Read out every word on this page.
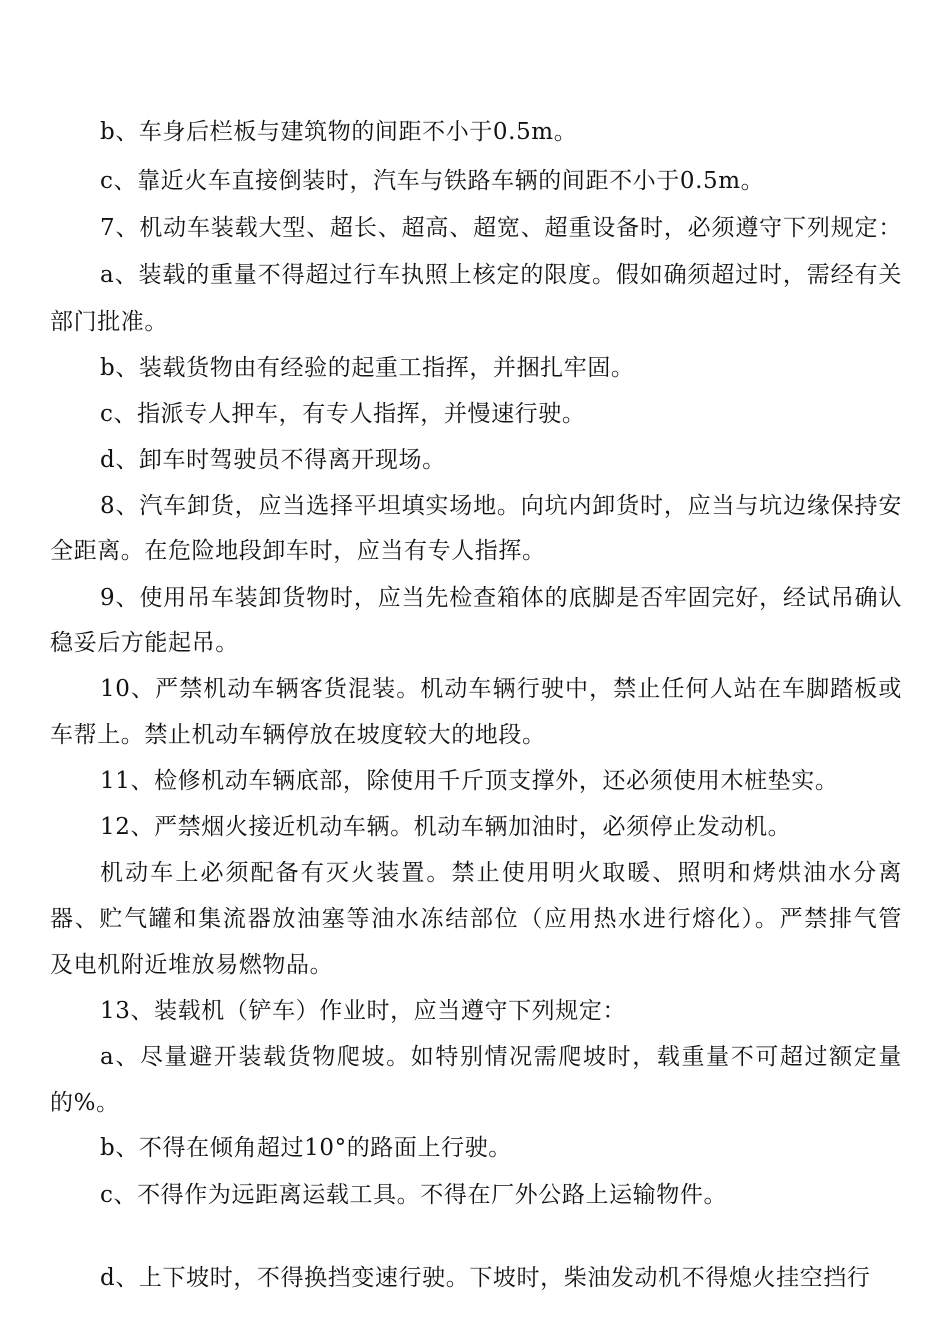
b、车身后栏板与建筑物的间距不小于0.5m。
c、靠近火车直接倒装时，汽车与铁路车辆的间距不小于0.5m。
7、机动车装载大型、超长、超高、超宽、超重设备时，必须遵守下列规定：
a、装载的重量不得超过行车执照上核定的限度。假如确须超过时，需经有关
部门批准。
b、装载货物由有经验的起重工指挥，并捆扎牢固。
c、指派专人押车，有专人指挥，并慢速行驶。
d、卸车时驾驶员不得离开现场。
8、汽车卸货，应当选择平坦填实场地。向坑内卸货时，应当与坑边缘保持安
全距离。在危险地段卸车时，应当有专人指挥。
9、使用吊车装卸货物时，应当先检查箱体的底脚是否牢固完好，经试吊确认
稳妥后方能起吊。
10、严禁机动车辆客货混装。机动车辆行驶中，禁止任何人站在车脚踏板或
车帮上。禁止机动车辆停放在坡度较大的地段。
11、检修机动车辆底部，除使用千斤顶支撑外，还必须使用木桩垫实。
12、严禁烟火接近机动车辆。机动车辆加油时，必须停止发动机。
机动车上必须配备有灭火装置。禁止使用明火取暖、照明和烤烘油水分离
器、贮气罐和集流器放油塞等油水冻结部位（应用热水进行熔化）。严禁排气管
及电机附近堆放易燃物品。
13、装载机（铲车）作业时，应当遵守下列规定：
a、尽量避开装载货物爬坡。如特别情况需爬坡时，载重量不可超过额定量
的%。
b、不得在倾角超过10°的路面上行驶。
c、不得作为远距离运载工具。不得在厂外公路上运输物件。
d、上下坡时，不得换挡变速行驶。下坡时，柴油发动机不得熄火挂空挡行
